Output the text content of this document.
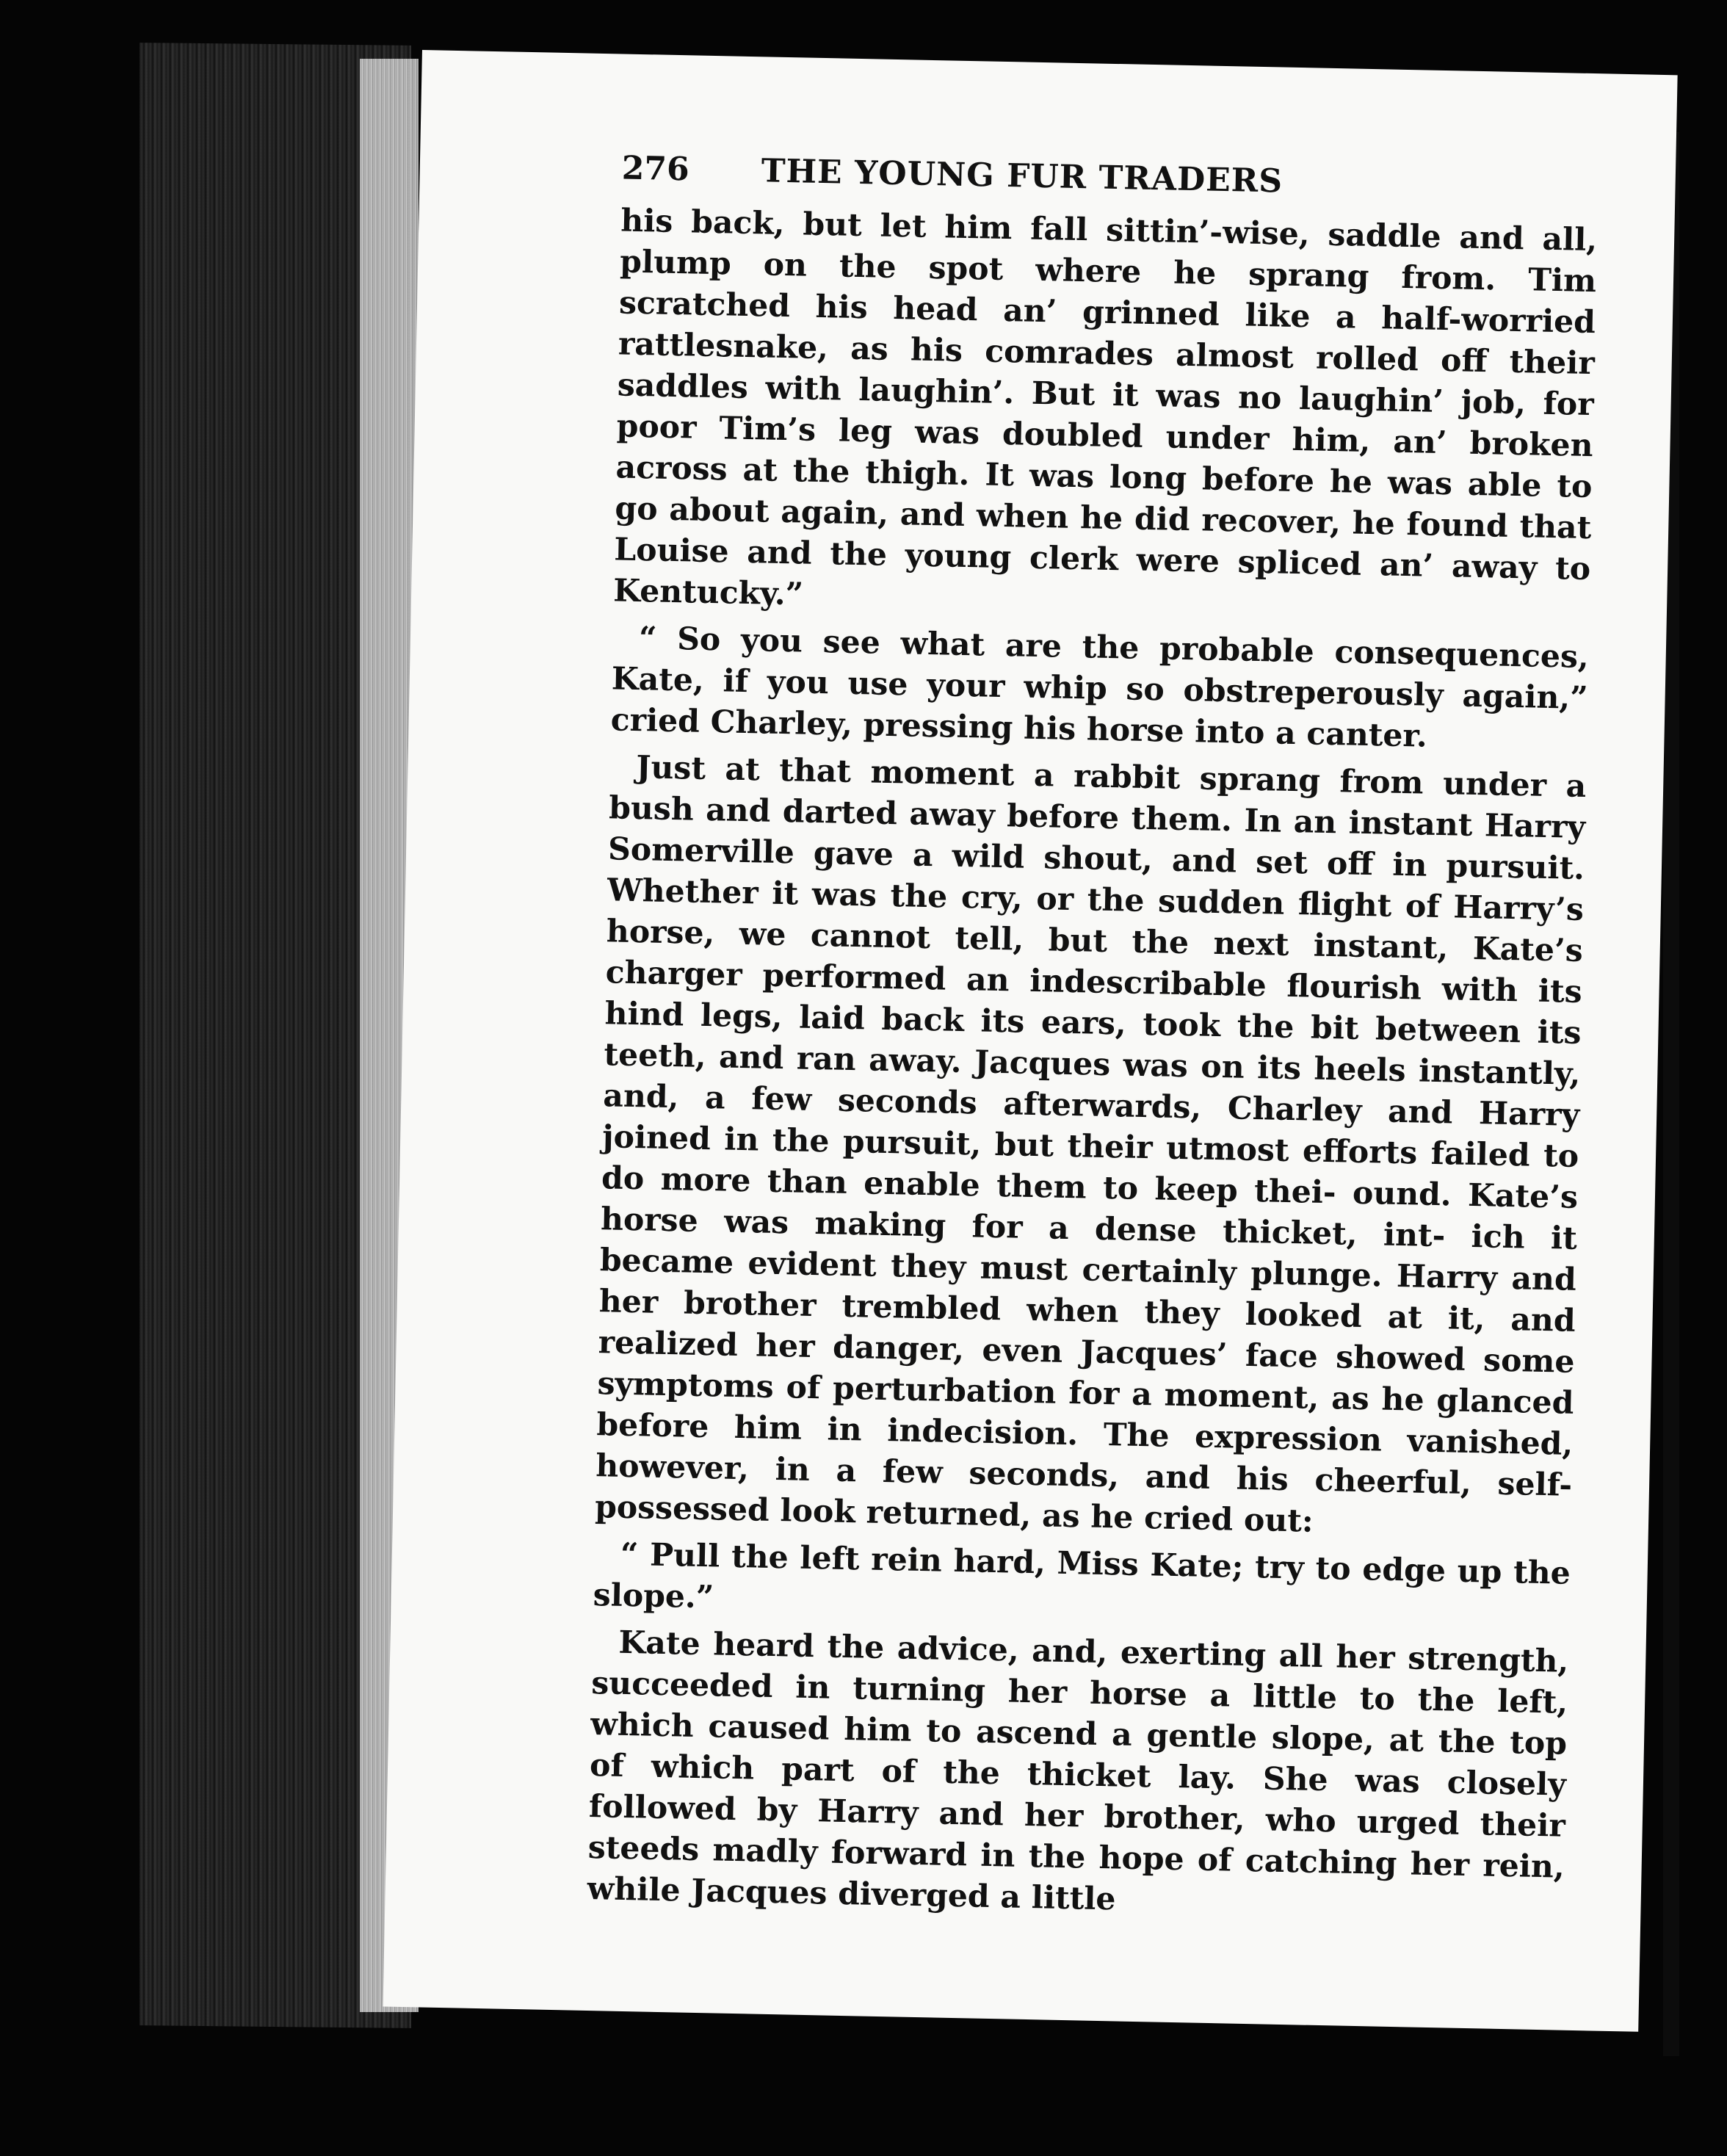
276	THE YOUNG FUR TRADERS

his back, but let him fall sittin’-wise, saddle and all, plump on the spot where he sprang from. Tim scratched his head an’ grinned like a half-worried rattlesnake, as his comrades almost rolled off their saddles with laughin’. But it was no laughin’ job, for poor Tim’s leg was doubled under him, an’ broken across at the thigh. It was long before he was able to go about again, and when he did recover, he found that Louise and the young clerk were spliced an’ away to Kentucky.”

“ So you see what are the probable consequences, Kate, if you use your whip so obstreperously again,” cried Charley, pressing his horse into a canter.

Just at that moment a rabbit sprang from under a bush and darted away before them. In an instant Harry Somerville gave a wild shout, and set off in pursuit. Whether it was the cry, or the sudden flight of Harry’s horse, we cannot tell, but the next instant, Kate’s charger performed an indescribable flourish with its hind legs, laid back its ears, took the bit between its teeth, and ran away. Jacques was on its heels instantly, and, a few seconds afterwards, Charley and Harry joined in the pursuit, but their utmost efforts failed to do more than enable them to keep thei- ound. Kate’s horse was making for a dense thicket, int- ich it became evident they must certainly plunge. Harry and her brother trembled when they looked at it, and realized her danger, even Jacques’ face showed some symptoms of perturbation for a moment, as he glanced before him in indecision. The expression vanished, however, in a few seconds, and his cheerful, self-possessed look returned, as he cried out:

“ Pull the left rein hard, Miss Kate; try to edge up the slope.”

Kate heard the advice, and, exerting all her strength, succeeded in turning her horse a little to the left, which caused him to ascend a gentle slope, at the top of which part of the thicket lay. She was closely followed by Harry and her brother, who urged their steeds madly forward in the hope of catching her rein, while Jacques diverged a little
